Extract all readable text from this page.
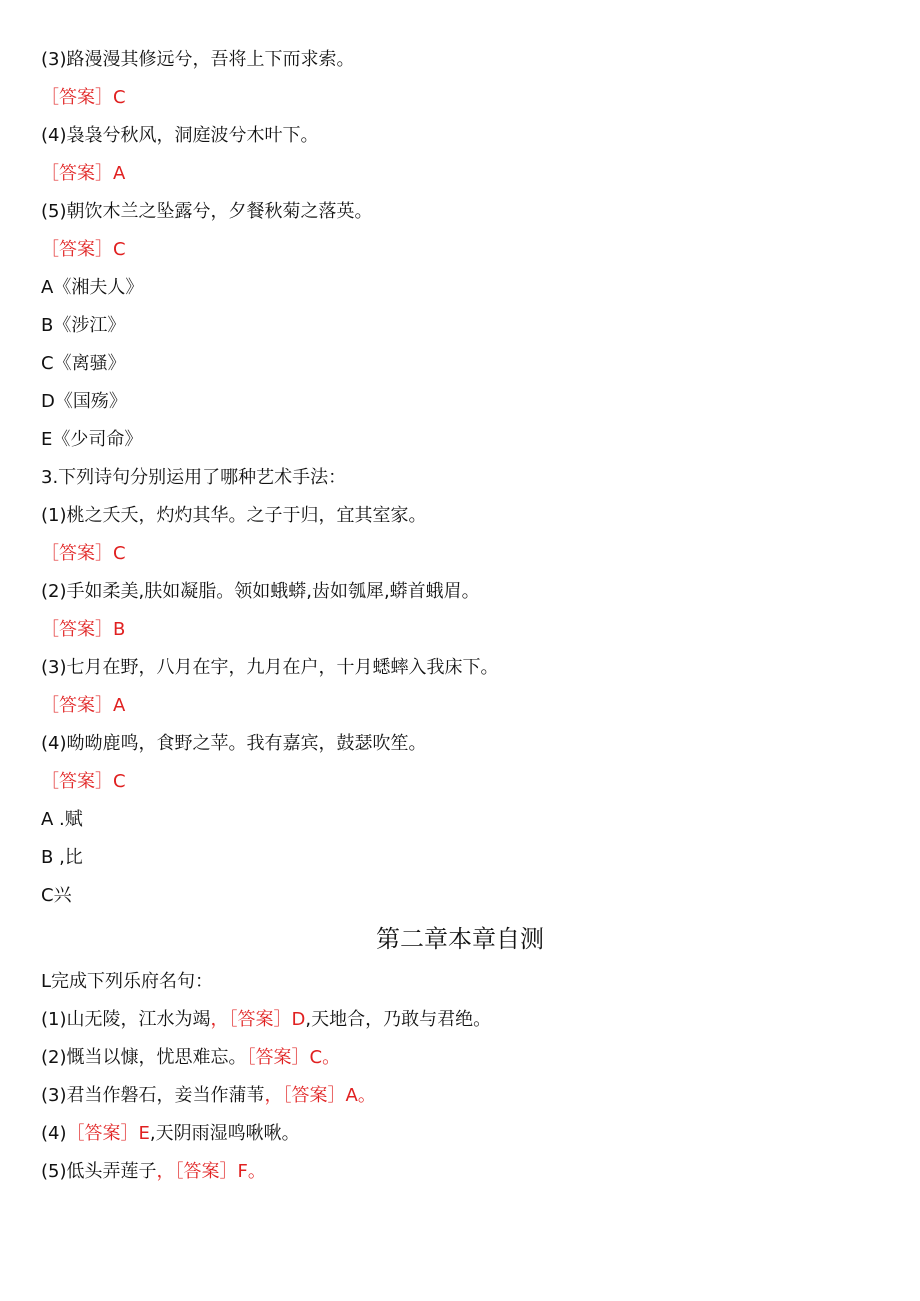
(3)路漫漫其修远兮，吾将上下而求索。
［答案］C
(4)袅袅兮秋风，洞庭波兮木叶下。
［答案］A
(5)朝饮木兰之坠露兮，夕餐秋菊之落英。
［答案］C
A《湘夫人》
B《涉江》
C《离骚》
D《国殇》
E《少司命》
3.下列诗句分别运用了哪种艺术手法：
(1)桃之夭夭，灼灼其华。之子于归，宜其室家。
［答案］C
(2)手如柔美,肤如凝脂。领如蛾蟒,齿如瓠犀,蟒首蛾眉。
［答案］B
(3)七月在野，八月在宇，九月在户，十月蟋蟀入我床下。
［答案］A
(4)呦呦鹿鸣，食野之苹。我有嘉宾，鼓瑟吹笙。
［答案］C
A .赋
B ,比
C兴
第二章本章自测
L完成下列乐府名句：
(1)山无陵，江水为竭，［答案］D,天地合，乃敢与君绝。
(2)慨当以慷，忧思难忘。［答案］C。
(3)君当作磐石，妾当作蒲苇，［答案］A。
(4)［答案］E,天阴雨湿鸣啾啾。
(5)低头弄莲子，［答案］F。
